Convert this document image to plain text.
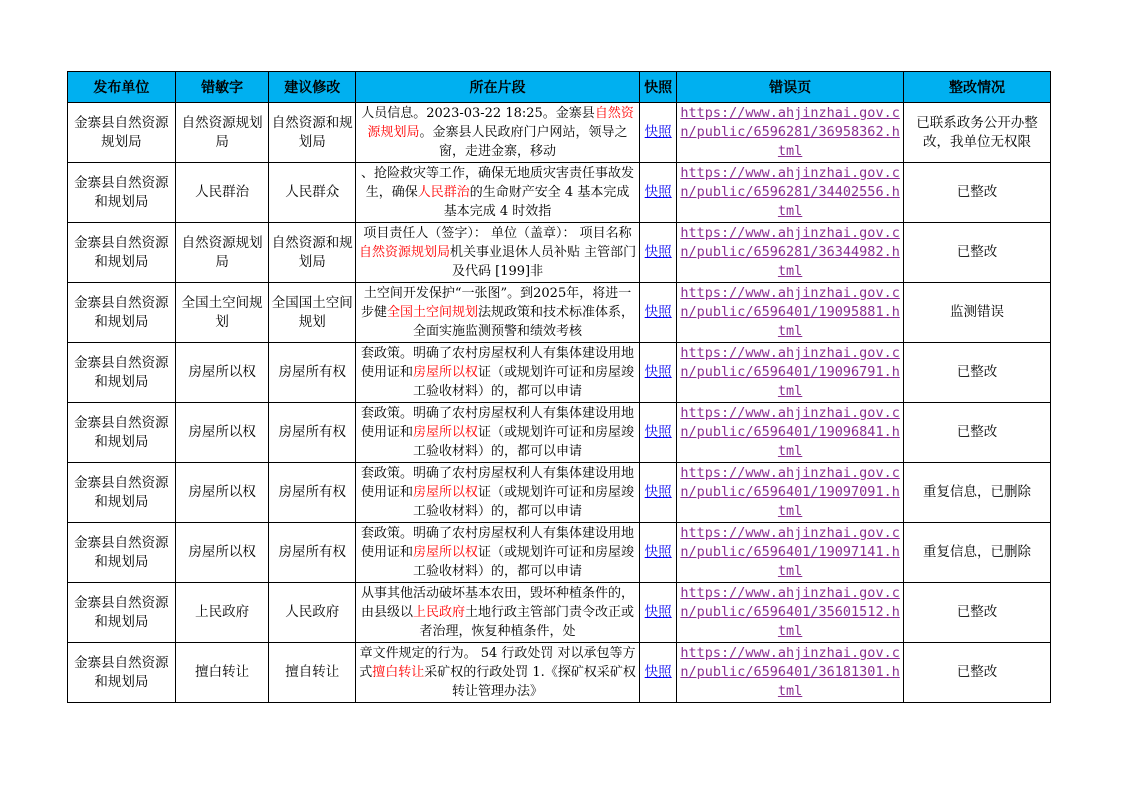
发布单位	错敏字	建议修改	所在片段	快照	错误页	整改情况
金寨县自然资源规划局	自然资源规划局	自然资源和规划局	人员信息。2023-03-22 18:25。金寨县自然资源规划局。金寨县人民政府门户网站，领导之窗，走进金寨，移动	快照	https://www.ahjinzhai.gov.cn/public/6596281/36958362.html	已联系政务公开办整改，我单位无权限
金寨县自然资源和规划局	人民群治	人民群众	、抢险救灾等工作，确保无地质灾害责任事故发生，确保人民群治的生命财产安全 4 基本完成 基本完成 4 时效指	快照	https://www.ahjinzhai.gov.cn/public/6596281/34402556.html	已整改
金寨县自然资源和规划局	自然资源规划局	自然资源和规划局	项目责任人（签字）： 单位（盖章）： 项目名称 自然资源规划局机关事业退休人员补贴 主管部门及代码 [199]非	快照	https://www.ahjinzhai.gov.cn/public/6596281/36344982.html	已整改
金寨县自然资源和规划局	全国土空间规划	全国国土空间规划	土空间开发保护“一张图”。到2025年，将进一步健全国土空间规划法规政策和技术标准体系，全面实施监测预警和绩效考核	快照	https://www.ahjinzhai.gov.cn/public/6596401/19095881.html	监测错误
金寨县自然资源和规划局	房屋所以权	房屋所有权	套政策。明确了农村房屋权利人有集体建设用地使用证和房屋所以权证（或规划许可证和房屋竣工验收材料）的，都可以申请	快照	https://www.ahjinzhai.gov.cn/public/6596401/19096791.html	已整改
金寨县自然资源和规划局	房屋所以权	房屋所有权	套政策。明确了农村房屋权利人有集体建设用地使用证和房屋所以权证（或规划许可证和房屋竣工验收材料）的，都可以申请	快照	https://www.ahjinzhai.gov.cn/public/6596401/19096841.html	已整改
金寨县自然资源和规划局	房屋所以权	房屋所有权	套政策。明确了农村房屋权利人有集体建设用地使用证和房屋所以权证（或规划许可证和房屋竣工验收材料）的，都可以申请	快照	https://www.ahjinzhai.gov.cn/public/6596401/19097091.html	重复信息，已删除
金寨县自然资源和规划局	房屋所以权	房屋所有权	套政策。明确了农村房屋权利人有集体建设用地使用证和房屋所以权证（或规划许可证和房屋竣工验收材料）的，都可以申请	快照	https://www.ahjinzhai.gov.cn/public/6596401/19097141.html	重复信息，已删除
金寨县自然资源和规划局	上民政府	人民政府	从事其他活动破坏基本农田，毁坏种植条件的，由县级以上民政府土地行政主管部门责令改正或者治理，恢复种植条件，处	快照	https://www.ahjinzhai.gov.cn/public/6596401/35601512.html	已整改
金寨县自然资源和规划局	擅白转让	擅自转让	章文件规定的行为。 54 行政处罚 对以承包等方式擅白转让采矿权的行政处罚 1.《探矿权采矿权转让管理办法》	快照	https://www.ahjinzhai.gov.cn/public/6596401/36181301.html	已整改
